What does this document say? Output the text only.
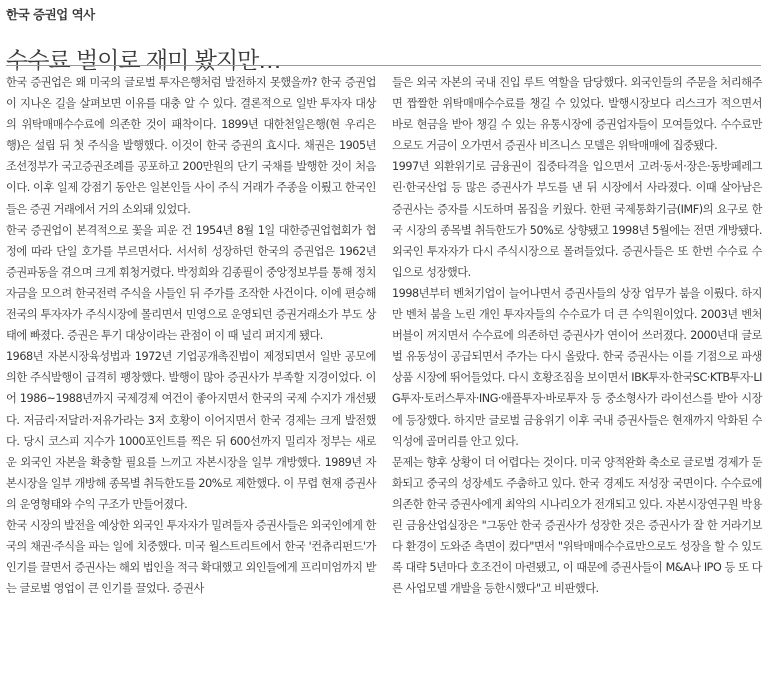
한국 증권업 역사
수수료 벌이로 재미 봤지만…

한국 증권업은 왜 미국의 글로벌 투자은행처럼 발전하지 못했을까? 한국 증권업이 지나온 길을 살펴보면 이유를 대충 알 수 있다. 결론적으로 일반 투자자 대상의 위탁매매수수료에 의존한 것이 패착이다. 1899년 대한천일은행(현 우리은행)은 설립 뒤 첫 주식을 발행했다. 이것이 한국 증권의 효시다. 채권은 1905년 조선정부가 국고증권조례를 공포하고 200만원의 단기 국채를 발행한 것이 처음이다. 이후 일제 강점기 동안은 일본인들 사이 주식 거래가 주종을 이뤘고 한국인들은 증권 거래에서 거의 소외돼 있었다.

한국 증권업이 본격적으로 꽃을 피운 건 1954년 8월 1일 대한증권업협회가 협정에 따라 단일 호가를 부르면서다. 서서히 성장하던 한국의 증권업은 1962년 증권파동을 겪으며 크게 휘청거렸다. 박정희와 김종필이 중앙정보부를 통해 정치자금을 모으려 한국전력 주식을 사들인 뒤 주가를 조작한 사건이다. 이에 편승해 전국의 투자자가 주식시장에 몰리면서 민영으로 운영되던 증권거래소가 부도 상태에 빠졌다. 증권은 투기 대상이라는 관점이 이 때 널리 퍼지게 됐다.

1968년 자본시장육성법과 1972년 기업공개촉진법이 제정되면서 일반 공모에 의한 주식발행이 급격히 팽창했다. 발행이 많아 증권사가 부족할 지경이었다. 이어 1986~1988년까지 국제경제 여건이 좋아지면서 한국의 국제 수지가 개선됐다. 저금리·저달러·저유가라는 3저 호황이 이어지면서 한국 경제는 크게 발전했다. 당시 코스피 지수가 1000포인트를 찍은 뒤 600선까지 밀리자 정부는 새로운 외국인 자본을 확충할 필요를 느끼고 자본시장을 일부 개방했다. 1989년 자본시장을 일부 개방해 종목별 취득한도를 20%로 제한했다. 이 무렵 현재 증권사의 운영형태와 수익 구조가 만들어졌다.

한국 시장의 발전을 예상한 외국인 투자자가 밀려들자 증권사들은 외국인에게 한국의 채권·주식을 파는 일에 치중했다. 미국 월스트리트에서 한국 '컨츄리펀드'가 인기를 끌면서 증권사는 해외 법인을 적극 확대했고 외인들에게 프리미엄까지 받는 글로벌 영업이 큰 인기를 끌었다. 증권사

들은 외국 자본의 국내 진입 루트 역할을 담당했다. 외국인들의 주문을 처리해주면 짭짤한 위탁매매수수료를 챙길 수 있었다. 발행시장보다 리스크가 적으면서 바로 현금을 받아 챙길 수 있는 유통시장에 증권업자들이 모여들었다. 수수료만으로도 거금이 오가면서 증권사 비즈니스 모델은 위탁매매에 집중됐다.

1997년 외환위기로 금융권이 집중타격을 입으면서 고려·동서·장은·동방페레그린·한국산업 등 많은 증권사가 부도를 낸 뒤 시장에서 사라졌다. 이때 살아남은 증권사는 증자를 시도하며 몸집을 키웠다. 한편 국제통화기금(IMF)의 요구로 한국 시장의 종목별 취득한도가 50%로 상향됐고 1998년 5월에는 전면 개방됐다. 외국인 투자자가 다시 주식시장으로 몰려들었다. 증권사들은 또 한번 수수료 수입으로 성장했다.

1998년부터 벤처기업이 늘어나면서 증권사들의 상장 업무가 붐을 이뤘다. 하지만 벤처 붐을 노린 개인 투자자들의 수수료가 더 큰 수익원이었다. 2003년 벤처 버블이 꺼지면서 수수료에 의존하던 증권사가 연이어 쓰러졌다. 2000년대 글로벌 유동성이 공급되면서 주가는 다시 올랐다. 한국 증권사는 이를 기점으로 파생상품 시장에 뛰어들었다. 다시 호황조짐을 보이면서 IBK투자·한국SC·KTB투자·LIG투자·토러스투자·ING·애플투자·바로투자 등 중소형사가 라이선스를 받아 시장에 등장했다. 하지만 글로벌 금융위기 이후 국내 증권사들은 현재까지 악화된 수익성에 골머리를 안고 있다.

문제는 향후 상황이 더 어렵다는 것이다. 미국 양적완화 축소로 글로벌 경제가 둔화되고 중국의 성장세도 주춤하고 있다. 한국 경제도 저성장 국면이다. 수수료에 의존한 한국 증권사에게 최악의 시나리오가 전개되고 있다. 자본시장연구원 박용린 금융산업실장은 "그동안 한국 증권사가 성장한 것은 증권사가 잘 한 거라기보다 환경이 도와준 측면이 컸다"면서 "위탁매매수수료만으로도 성장을 할 수 있도록 대략 5년마다 호조건이 마련됐고, 이 때문에 증권사들이 M&A나 IPO 등 또 다른 사업모델 개발을 등한시했다"고 비판했다.
